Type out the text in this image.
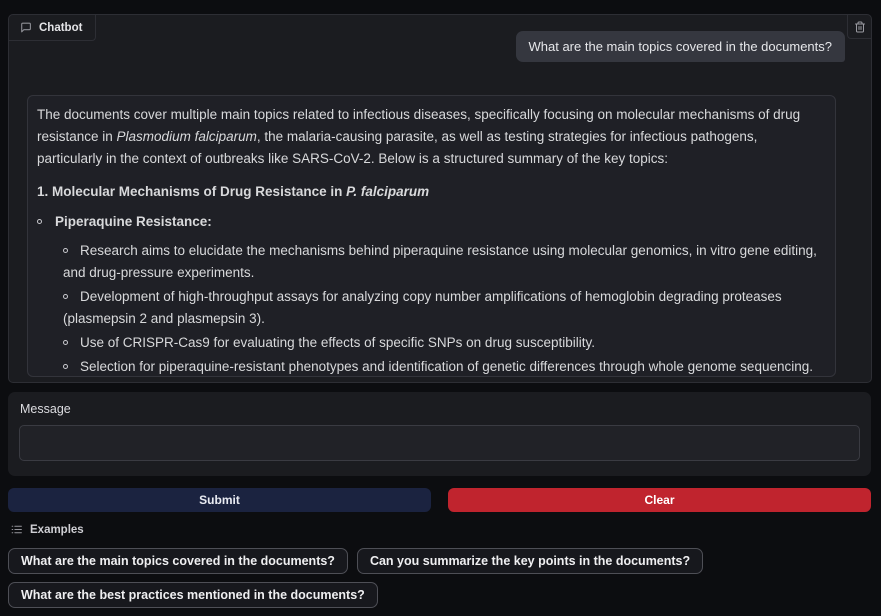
Chatbot
What are the main topics covered in the documents?

The documents cover multiple main topics related to infectious diseases, specifically focusing on molecular mechanisms of drug resistance in Plasmodium falciparum, the malaria-causing parasite, as well as testing strategies for infectious pathogens, particularly in the context of outbreaks like SARS-CoV-2. Below is a structured summary of the key topics:

1. Molecular Mechanisms of Drug Resistance in P. falciparum

Piperaquine Resistance:
Research aims to elucidate the mechanisms behind piperaquine resistance using molecular genomics, in vitro gene editing, and drug-pressure experiments.
Development of high-throughput assays for analyzing copy number amplifications of hemoglobin degrading proteases (plasmepsin 2 and plasmepsin 3).
Use of CRISPR-Cas9 for evaluating the effects of specific SNPs on drug susceptibility.
Selection for piperaquine-resistant phenotypes and identification of genetic differences through whole genome sequencing.
Message
Submit	Clear
Examples
What are the main topics covered in the documents?	Can you summarize the key points in the documents?
What are the best practices mentioned in the documents?
